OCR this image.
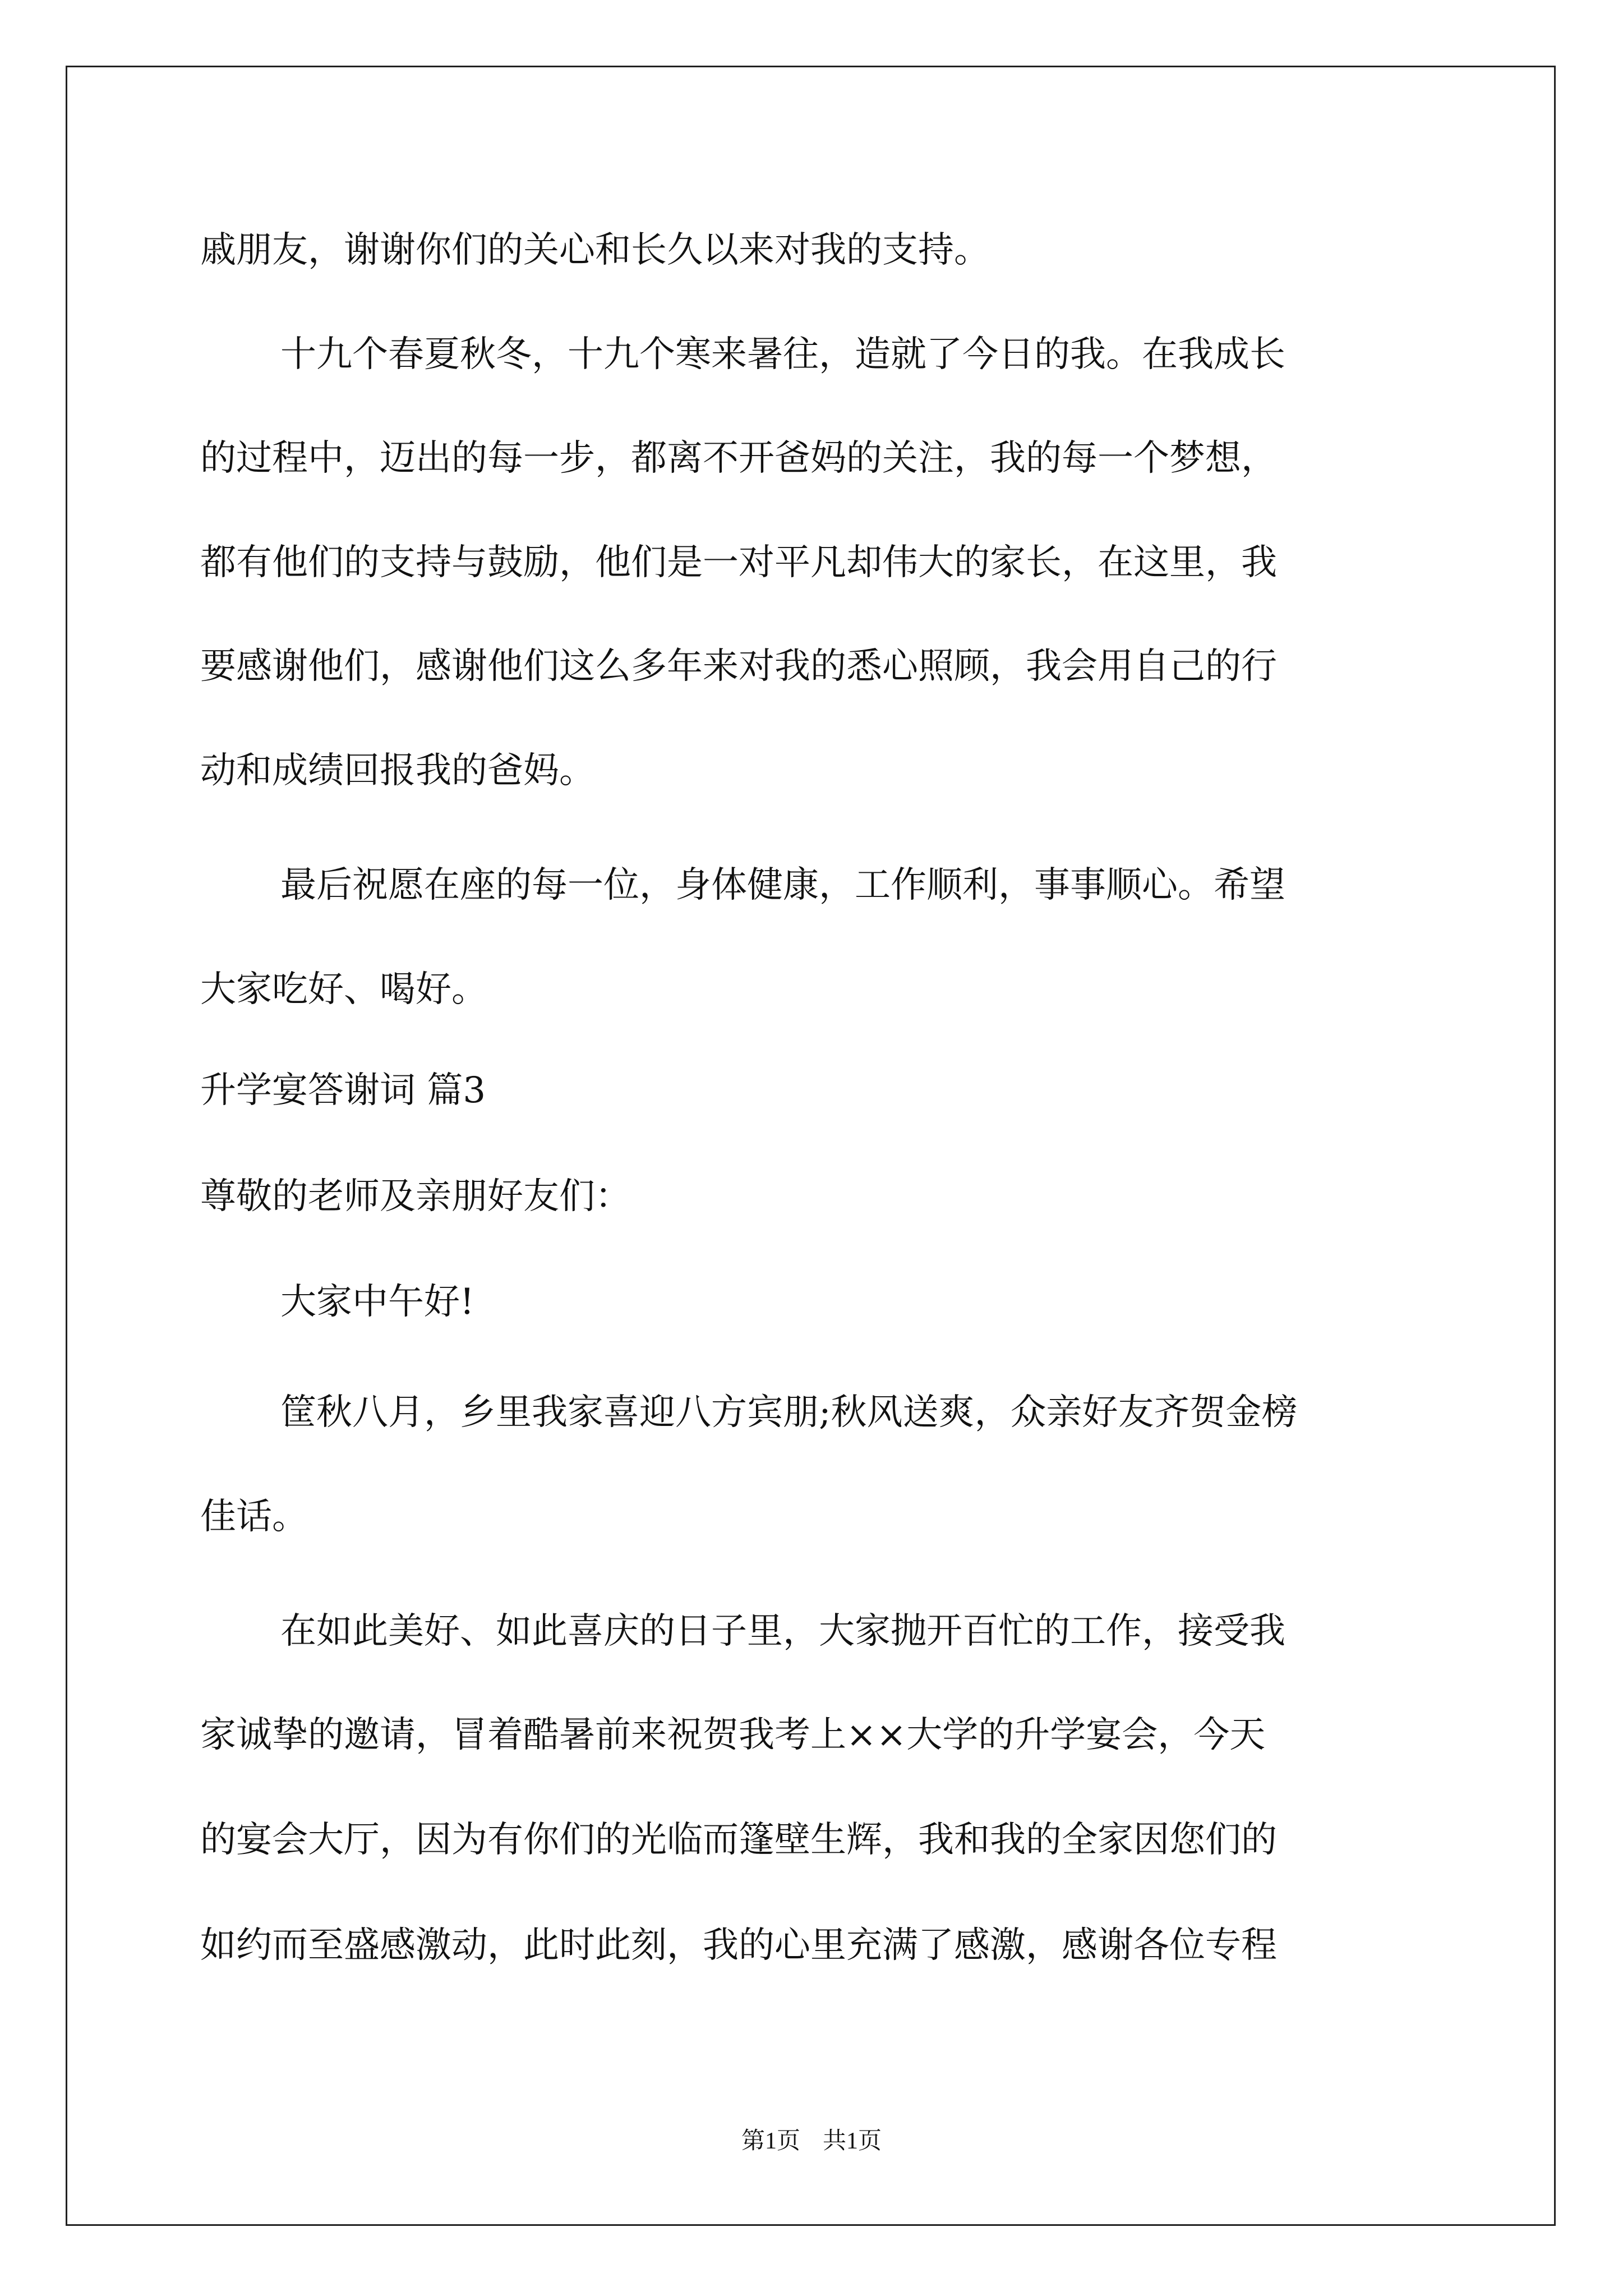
戚朋友，谢谢你们的关心和长久以来对我的支持。

十九个春夏秋冬，十九个寒来暑往，造就了今日的我。在我成长

的过程中，迈出的每一步，都离不开爸妈的关注，我的每一个梦想，

都有他们的支持与鼓励，他们是一对平凡却伟大的家长，在这里，我

要感谢他们，感谢他们这么多年来对我的悉心照顾，我会用自己的行

动和成绩回报我的爸妈。

最后祝愿在座的每一位，身体健康，工作顺利，事事顺心。希望

大家吃好、喝好。

升学宴答谢词 篇3

尊敬的老师及亲朋好友们：

大家中午好!

筐秋八月，乡里我家喜迎八方宾朋;秋风送爽，众亲好友齐贺金榜

佳话。

在如此美好、如此喜庆的日子里，大家抛开百忙的工作，接受我

家诚挚的邀请，冒着酷暑前来祝贺我考上××大学的升学宴会，今天

的宴会大厅，因为有你们的光临而篷壁生辉，我和我的全家因您们的

如约而至盛感激动，此时此刻，我的心里充满了感激，感谢各位专程

第1页 共1页
